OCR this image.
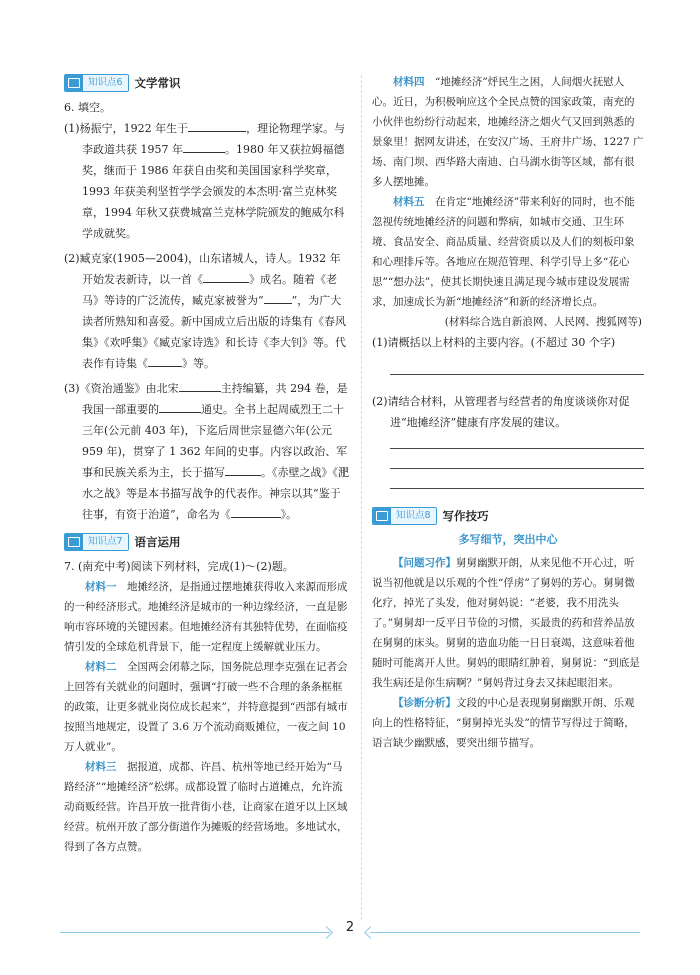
知识点6	文学常识

6. 填空。

(1)杨振宁，1922 年生于	，理论物理学家。与李政道共获 1957 年	。1980 年又获拉姆福德奖，继而于 1986 年获自由奖和美国国家科学奖章，1993 年获美利坚哲学学会颁发的本杰明·富兰克林奖章，1994 年秋又获费城富兰克林学院颁发的鲍威尔科学成就奖。

(2)臧克家(1905—2004)，山东诸城人，诗人。1932 年开始发表新诗，以一首《	》成名。随着《老马》等诗的广泛流传，臧克家被誉为“	”，为广大读者所熟知和喜爱。新中国成立后出版的诗集有《春风集》《欢呼集》《臧克家诗选》和长诗《李大钊》等。代表作有诗集《	》等。

(3)《资治通鉴》由北宋	主持编纂，共 294 卷，是我国一部重要的	通史。全书上起周威烈王二十三年(公元前 403 年)，下迄后周世宗显德六年(公元 959 年)，贯穿了 1 362 年间的史事。内容以政治、军事和民族关系为主，长于描写	。《赤壁之战》《淝水之战》等是本书描写战争的代表作。神宗以其“鉴于往事，有资于治道”，命名为《	》。

知识点7	语言运用

7. (南充中考)阅读下列材料，完成(1)～(2)题。

材料一　 地摊经济，是指通过摆地摊获得收入来源而形成的一种经济形式。地摊经济是城市的一种边缘经济，一直是影响市容环境的关键因素。但地摊经济有其独特优势，在面临疫情引发的全球危机背景下，能一定程度上缓解就业压力。

材料二　 全国两会闭幕之际，国务院总理李克强在记者会上回答有关就业的问题时，强调“打破一些不合理的条条框框的政策，让更多就业岗位成长起来”，并特意提到“西部有城市按照当地规定，设置了 3.6 万个流动商贩摊位，一夜之间 10 万人就业”。

材料三　 据报道，成都、许昌、杭州等地已经开始为“马路经济”“地摊经济”松绑。成都设置了临时占道摊点，允许流动商贩经营。许昌开放一批背街小巷，让商家在道牙以上区域经营。杭州开放了部分街道作为摊贩的经营场地。多地试水，得到了各方点赞。

材料四　 “地摊经济”烀民生之困，人间烟火抚慰人心。近日，为积极响应这个全民点赞的国家政策，南充的小伙伴也纷纷行动起来，地摊经济之烟火气又回到熟悉的景象里！据网友讲述，在安汉广场、王府井广场、1227 广场、南门坝、西华路大南迪、白马湖水街等区域，都有很多人摆地摊。

材料五　 在肯定“地摊经济”带来利好的同时，也不能忽视传统地摊经济的问题和弊病，如城市交通、卫生环境、食品安全、商品质量、经营资质以及人们的刻板印象和心理排斥等。各地应在规范管理、科学引导上多“花心思”“想办法”，使其长期快速且满足现今城市建设发展需求，加速成长为新“地摊经济”和新的经济增长点。

(材料综合选自新浪网、人民网、搜狐网等)

(1)请概括以上材料的主要内容。(不超过 30 个字)

(2)请结合材料，从管理者与经营者的角度谈谈你对促进“地摊经济”健康有序发展的建议。

知识点8	写作技巧

多写细节，突出中心

【问题习作】舅舅幽默开朗，从来见他不开心过，听说当初他就是以乐观的个性“俘虏”了舅妈的芳心。舅舅微化疗，掉光了头发，他对舅妈说：“老婆，我不用洗头了。”舅舅却一反平日节俭的习惯，买最贵的药和营养品放在舅舅的床头。舅舅的造血功能一日日衰竭，这意味着他随时可能离开人世。舅妈的眼睛红肿着，舅舅说：“到底是我生病还是你生病啊？”舅妈背过身去又抹起眼泪来。

【诊断分析】文段的中心是表现舅舅幽默开朗、乐观向上的性格特征，“舅舅掉光头发”的情节写得过于简略，语言缺少幽默感，要突出细节描写。

2
